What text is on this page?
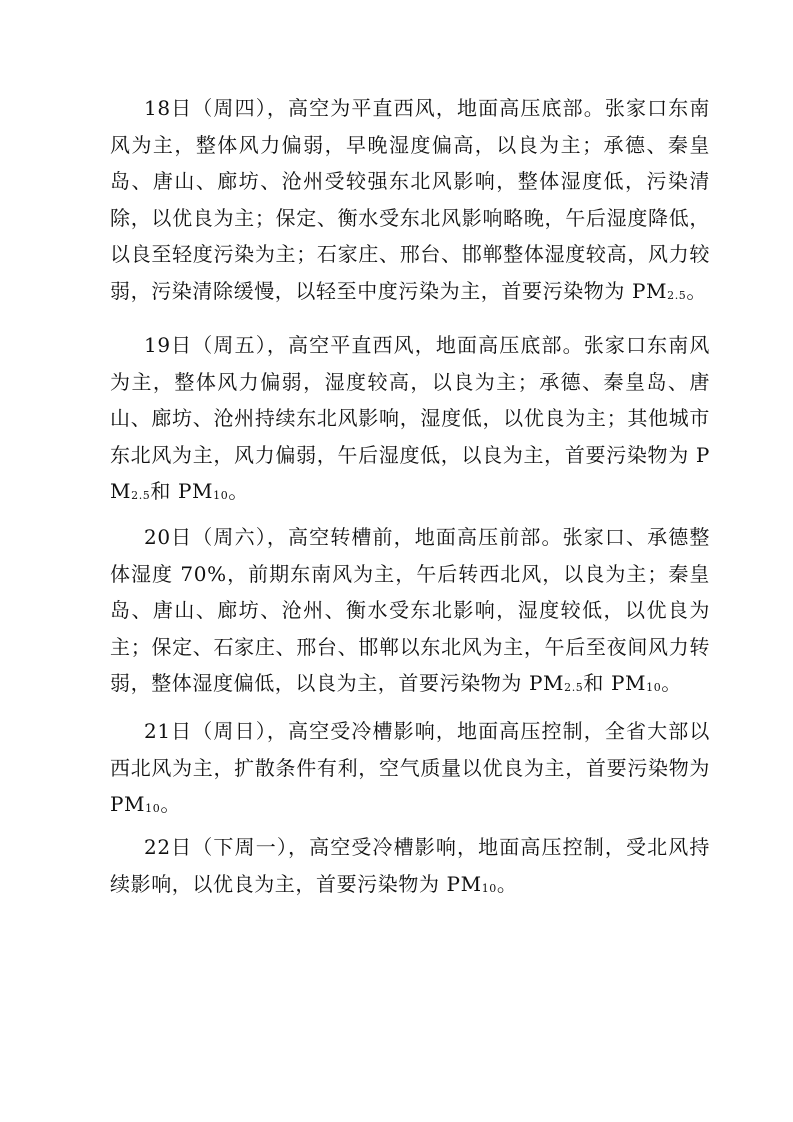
18日（周四），高空为平直西风，地面高压底部。张家口东南风为主，整体风力偏弱，早晚湿度偏高，以良为主；承德、秦皇岛、唐山、廊坊、沧州受较强东北风影响，整体湿度低，污染清除，以优良为主；保定、衡水受东北风影响略晚，午后湿度降低，以良至轻度污染为主；石家庄、邢台、邯郸整体湿度较高，风力较弱，污染清除缓慢，以轻至中度污染为主，首要污染物为 $PM_{2.5}$。

19日（周五），高空平直西风，地面高压底部。张家口东南风为主，整体风力偏弱，湿度较高，以良为主；承德、秦皇岛、唐山、廊坊、沧州持续东北风影响，湿度低，以优良为主；其他城市东北风为主，风力偏弱，午后湿度低，以良为主，首要污染物为 $PM_{2.5}$和 $PM_{10}$。

20日（周六），高空转槽前，地面高压前部。张家口、承德整体湿度 70%，前期东南风为主，午后转西北风，以良为主；秦皇岛、唐山、廊坊、沧州、衡水受东北影响，湿度较低，以优良为主；保定、石家庄、邢台、邯郸以东北风为主，午后至夜间风力转弱，整体湿度偏低，以良为主，首要污染物为 $PM_{2.5}$和 $PM_{10}$。

21日（周日），高空受冷槽影响，地面高压控制，全省大部以西北风为主，扩散条件有利，空气质量以优良为主，首要污染物为 $PM_{10}$。

22日（下周一），高空受冷槽影响，地面高压控制，受北风持续影响，以优良为主，首要污染物为 $PM_{10}$。
